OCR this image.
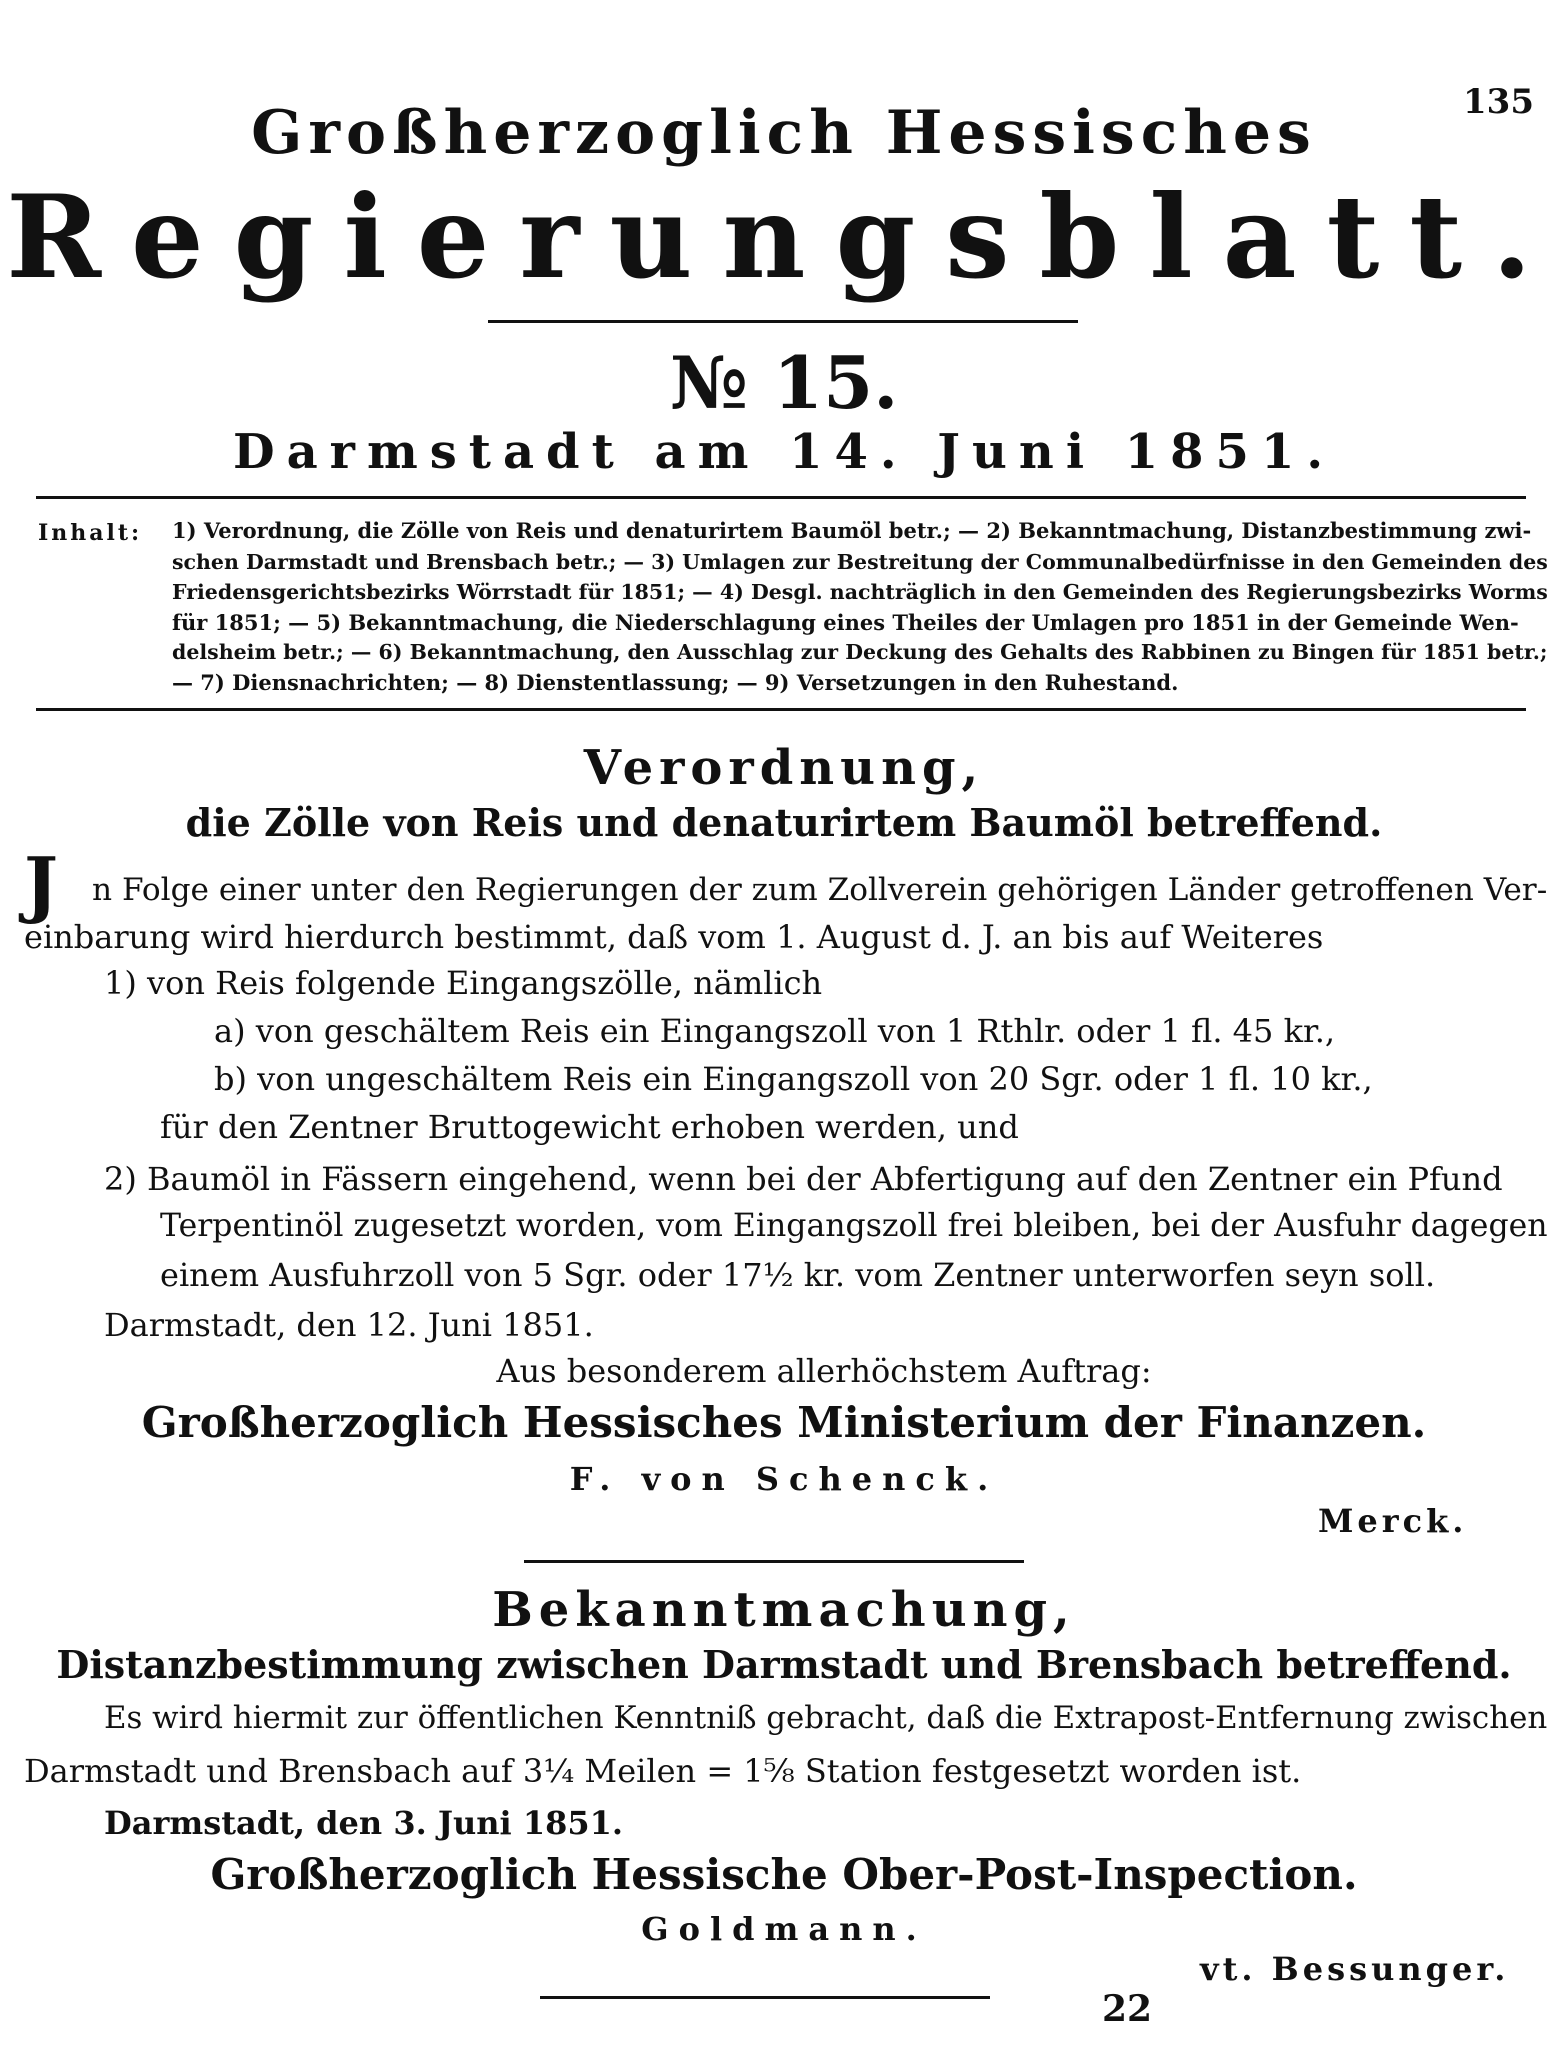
135
Großherzoglich Hessisches
Regierungsblatt.
№ 15.
Darmstadt am 14. Juni 1851.
Inhalt: 1) Verordnung, die Zölle von Reis und denaturirtem Baumöl betr.; — 2) Bekanntmachung, Distanzbestimmung zwi-
schen Darmstadt und Brensbach betr.; — 3) Umlagen zur Bestreitung der Communalbedürfnisse in den Gemeinden des
Friedensgerichtsbezirks Wörrstadt für 1851; — 4) Desgl. nachträglich in den Gemeinden des Regierungsbezirks Worms
für 1851; — 5) Bekanntmachung, die Niederschlagung eines Theiles der Umlagen pro 1851 in der Gemeinde Wen-
delsheim betr.; — 6) Bekanntmachung, den Ausschlag zur Deckung des Gehalts des Rabbinen zu Bingen für 1851 betr.;
— 7) Diensnachrichten; — 8) Dienstentlassung; — 9) Versetzungen in den Ruhestand.
Verordnung,
die Zölle von Reis und denaturirtem Baumöl betreffend.
J n Folge einer unter den Regierungen der zum Zollverein gehörigen Länder getroffenen Ver-
einbarung wird hierdurch bestimmt, daß vom 1. August d. J. an bis auf Weiteres
1) von Reis folgende Eingangszölle, nämlich
a) von geschältem Reis ein Eingangszoll von 1 Rthlr. oder 1 fl. 45 kr.,
b) von ungeschältem Reis ein Eingangszoll von 20 Sgr. oder 1 fl. 10 kr.,
für den Zentner Bruttogewicht erhoben werden, und
2) Baumöl in Fässern eingehend, wenn bei der Abfertigung auf den Zentner ein Pfund
Terpentinöl zugesetzt worden, vom Eingangszoll frei bleiben, bei der Ausfuhr dagegen
einem Ausfuhrzoll von 5 Sgr. oder 17½ kr. vom Zentner unterworfen seyn soll.
Darmstadt, den 12. Juni 1851.
Aus besonderem allerhöchstem Auftrag:
Großherzoglich Hessisches Ministerium der Finanzen.
F. von Schenck.
Merck.
Bekanntmachung,
Distanzbestimmung zwischen Darmstadt und Brensbach betreffend.
Es wird hiermit zur öffentlichen Kenntniß gebracht, daß die Extrapost-Entfernung zwischen
Darmstadt und Brensbach auf 3¼ Meilen = 1⅝ Station festgesetzt worden ist.
Darmstadt, den 3. Juni 1851.
Großherzoglich Hessische Ober-Post-Inspection.
Goldmann.
vt. Bessunger.
22
